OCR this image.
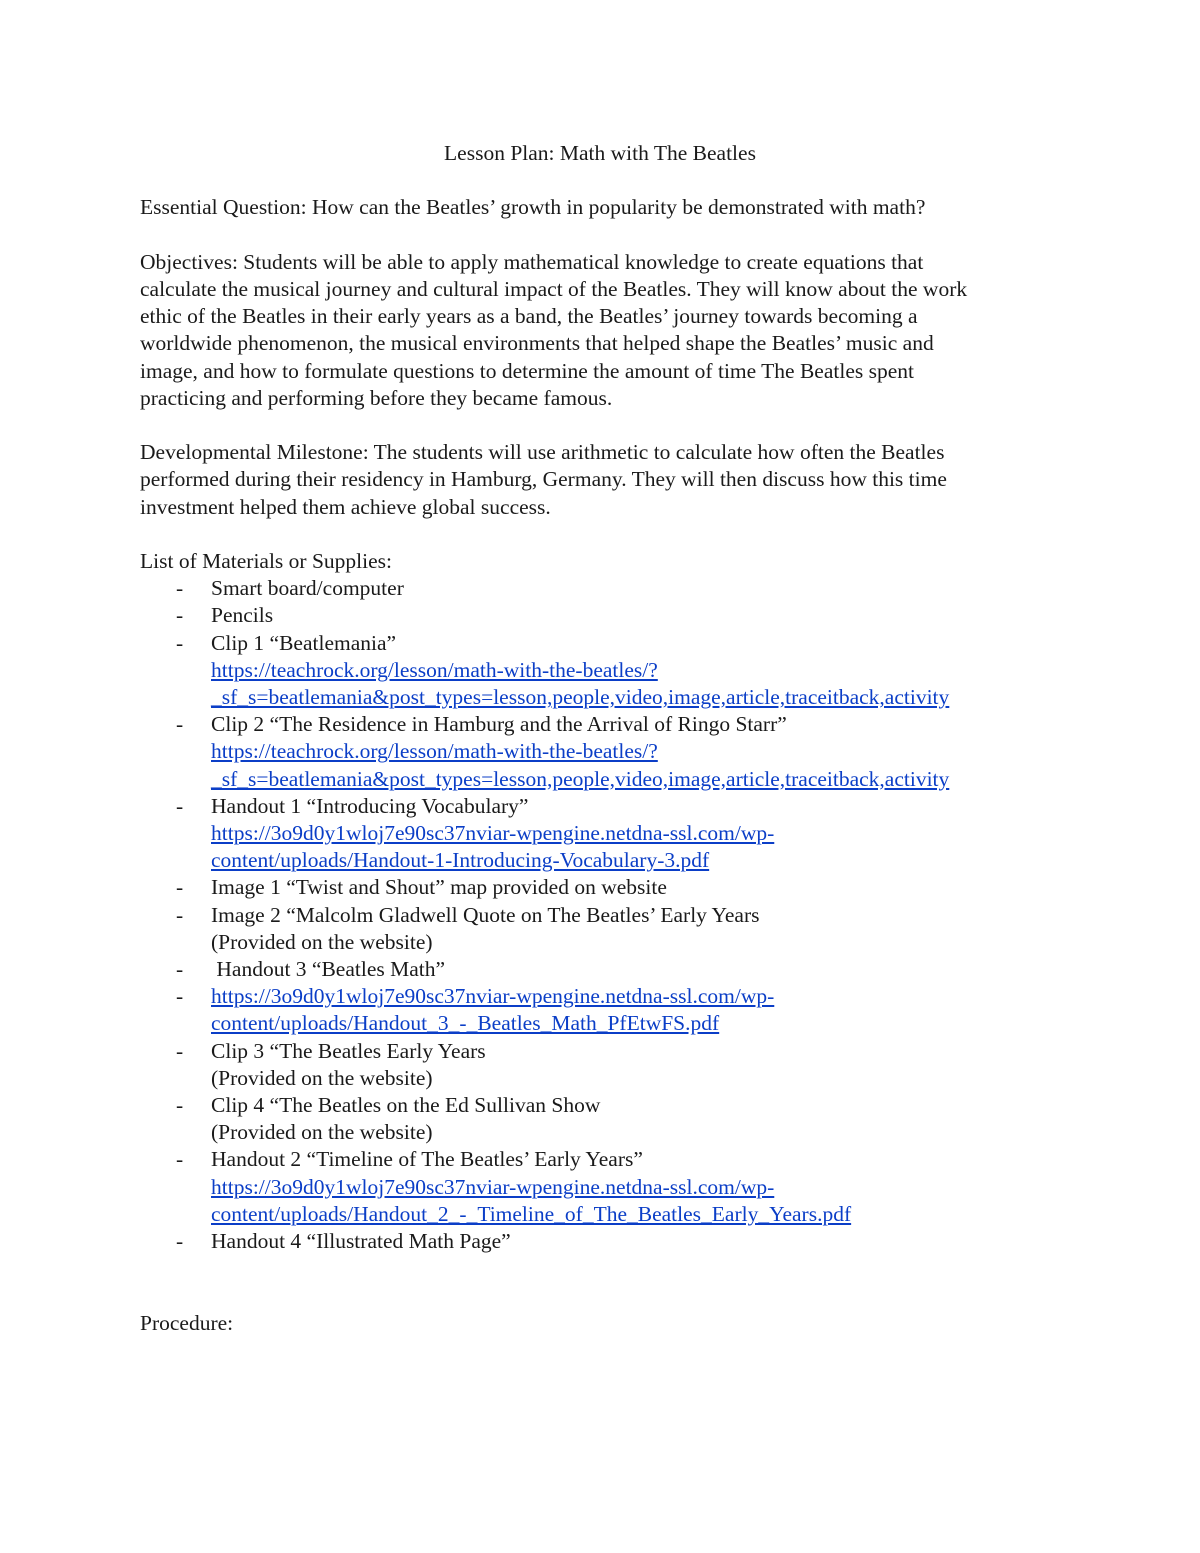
Lesson Plan: Math with The Beatles

Essential Question: How can the Beatles’ growth in popularity be demonstrated with math?

Objectives: Students will be able to apply mathematical knowledge to create equations that
calculate the musical journey and cultural impact of the Beatles. They will know about the work
ethic of the Beatles in their early years as a band, the Beatles’ journey towards becoming a
worldwide phenomenon, the musical environments that helped shape the Beatles’ music and
image, and how to formulate questions to determine the amount of time The Beatles spent
practicing and performing before they became famous.

Developmental Milestone: The students will use arithmetic to calculate how often the Beatles
performed during their residency in Hamburg, Germany. They will then discuss how this time
investment helped them achieve global success.

List of Materials or Supplies:
- Smart board/computer
- Pencils
- Clip 1 “Beatlemania”
https://teachrock.org/lesson/math-with-the-beatles/?
_sf_s=beatlemania&post_types=lesson,people,video,image,article,traceitback,activity
- Clip 2 “The Residence in Hamburg and the Arrival of Ringo Starr”
https://teachrock.org/lesson/math-with-the-beatles/?
_sf_s=beatlemania&post_types=lesson,people,video,image,article,traceitback,activity
- Handout 1 “Introducing Vocabulary”
https://3o9d0y1wloj7e90sc37nviar-wpengine.netdna-ssl.com/wp-
content/uploads/Handout-1-Introducing-Vocabulary-3.pdf
- Image 1 “Twist and Shout” map provided on website
- Image 2 “Malcolm Gladwell Quote on The Beatles’ Early Years
(Provided on the website)
- Handout 3 “Beatles Math”
- https://3o9d0y1wloj7e90sc37nviar-wpengine.netdna-ssl.com/wp-
content/uploads/Handout_3_-_Beatles_Math_PfEtwFS.pdf
- Clip 3 “The Beatles Early Years
(Provided on the website)
- Clip 4 “The Beatles on the Ed Sullivan Show
(Provided on the website)
- Handout 2 “Timeline of The Beatles’ Early Years”
https://3o9d0y1wloj7e90sc37nviar-wpengine.netdna-ssl.com/wp-
content/uploads/Handout_2_-_Timeline_of_The_Beatles_Early_Years.pdf
- Handout 4 “Illustrated Math Page”
Procedure:
